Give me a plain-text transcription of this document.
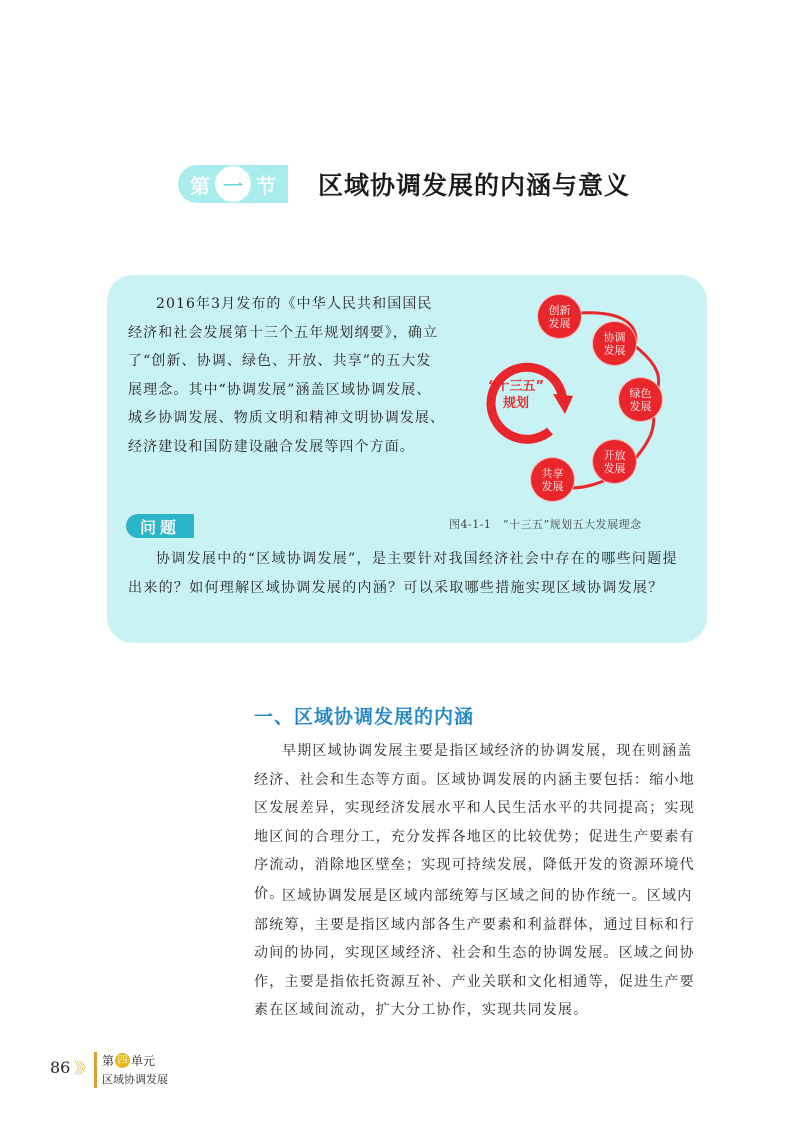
第 一 节 区域协调发展的内涵与意义

2016年3月发布的《中华人民共和国国民经济和社会发展第十三个五年规划纲要》，确立了“创新、协调、绿色、开放、共享”的五大发展理念。其中“协调发展”涵盖区域协调发展、城乡协调发展、物质文明和精神文明协调发展、经济建设和国防建设融合发展等四个方面。

“十三五”
规划
创新
发展
协调
发展
绿色
发展
开放
发展
共享
发展
图4-1-1　“十三五”规划五大发展理念
问题

协调发展中的“区域协调发展”，是主要针对我国经济社会中存在的哪些问题提出来的？如何理解区域协调发展的内涵？可以采取哪些措施实现区域协调发展？

一、区域协调发展的内涵

早期区域协调发展主要是指区域经济的协调发展，现在则涵盖经济、社会和生态等方面。区域协调发展的内涵主要包括：缩小地区发展差异，实现经济发展水平和人民生活水平的共同提高；实现地区间的合理分工，充分发挥各地区的比较优势；促进生产要素有序流动，消除地区壁垒；实现可持续发展，降低开发的资源环境代价。

区域协调发展是区域内部统筹与区域之间的协作统一。区域内部统筹，主要是指区域内部各生产要素和利益群体，通过目标和行动间的协同，实现区域经济、社会和生态的协调发展。区域之间协作，主要是指依托资源互补、产业关联和文化相通等，促进生产要素在区域间流动，扩大分工协作，实现共同发展。

86 》》 第 四 单元
区域协调发展
